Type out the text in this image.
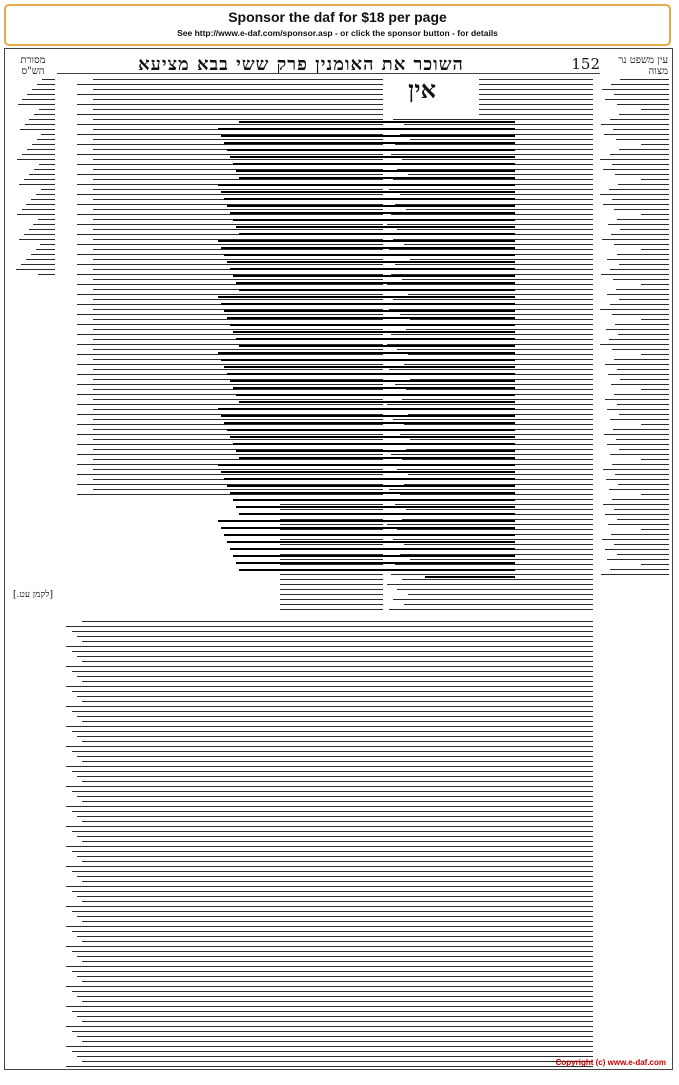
Sponsor the daf for $18 per page
See http://www.e-daf.com/sponsor.asp - or click the sponsor button - for details
מסורת הש"ס	השוכר את האומנין פרק ששי בבא מציעא	152	עין משפט נר מצוה
אין
[לקמן עט.]
Copyright (c) www.e-daf.com
